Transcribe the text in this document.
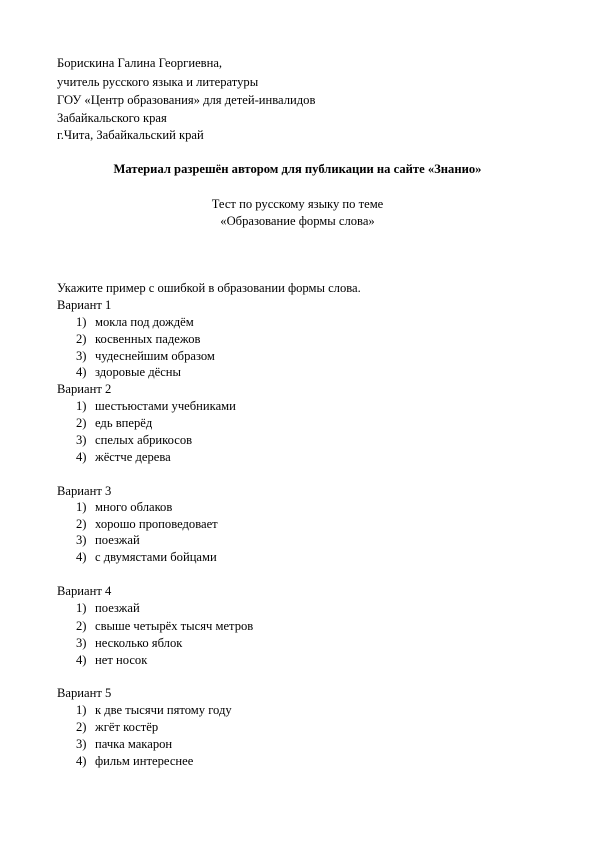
Борискина Галина Георгиевна,
учитель русского языка и литературы
ГОУ «Центр образования» для детей-инвалидов
Забайкальского края
г.Чита, Забайкальский край
Материал разрешён автором для публикации на сайте «Знанио»
Тест по русскому языку по теме
«Образование формы слова»
Укажите пример с ошибкой в образовании формы слова.
Вариант 1
1) мокла под дождём
2) косвенных падежов
3) чудеснейшим образом
4) здоровые дёсны
Вариант 2
1) шестьюстами учебниками
2) едь вперёд
3) спелых абрикосов
4) жёстче дерева
Вариант 3
1) много облаков
2) хорошо проповедовает
3) поезжай
4) с двумястами бойцами
Вариант 4
1) поезжай
2) свыше четырёх тысяч метров
3) несколько яблок
4) нет носок
Вариант 5
1) к две тысячи пятому году
2) жгёт костёр
3) пачка макарон
4) фильм интереснее
